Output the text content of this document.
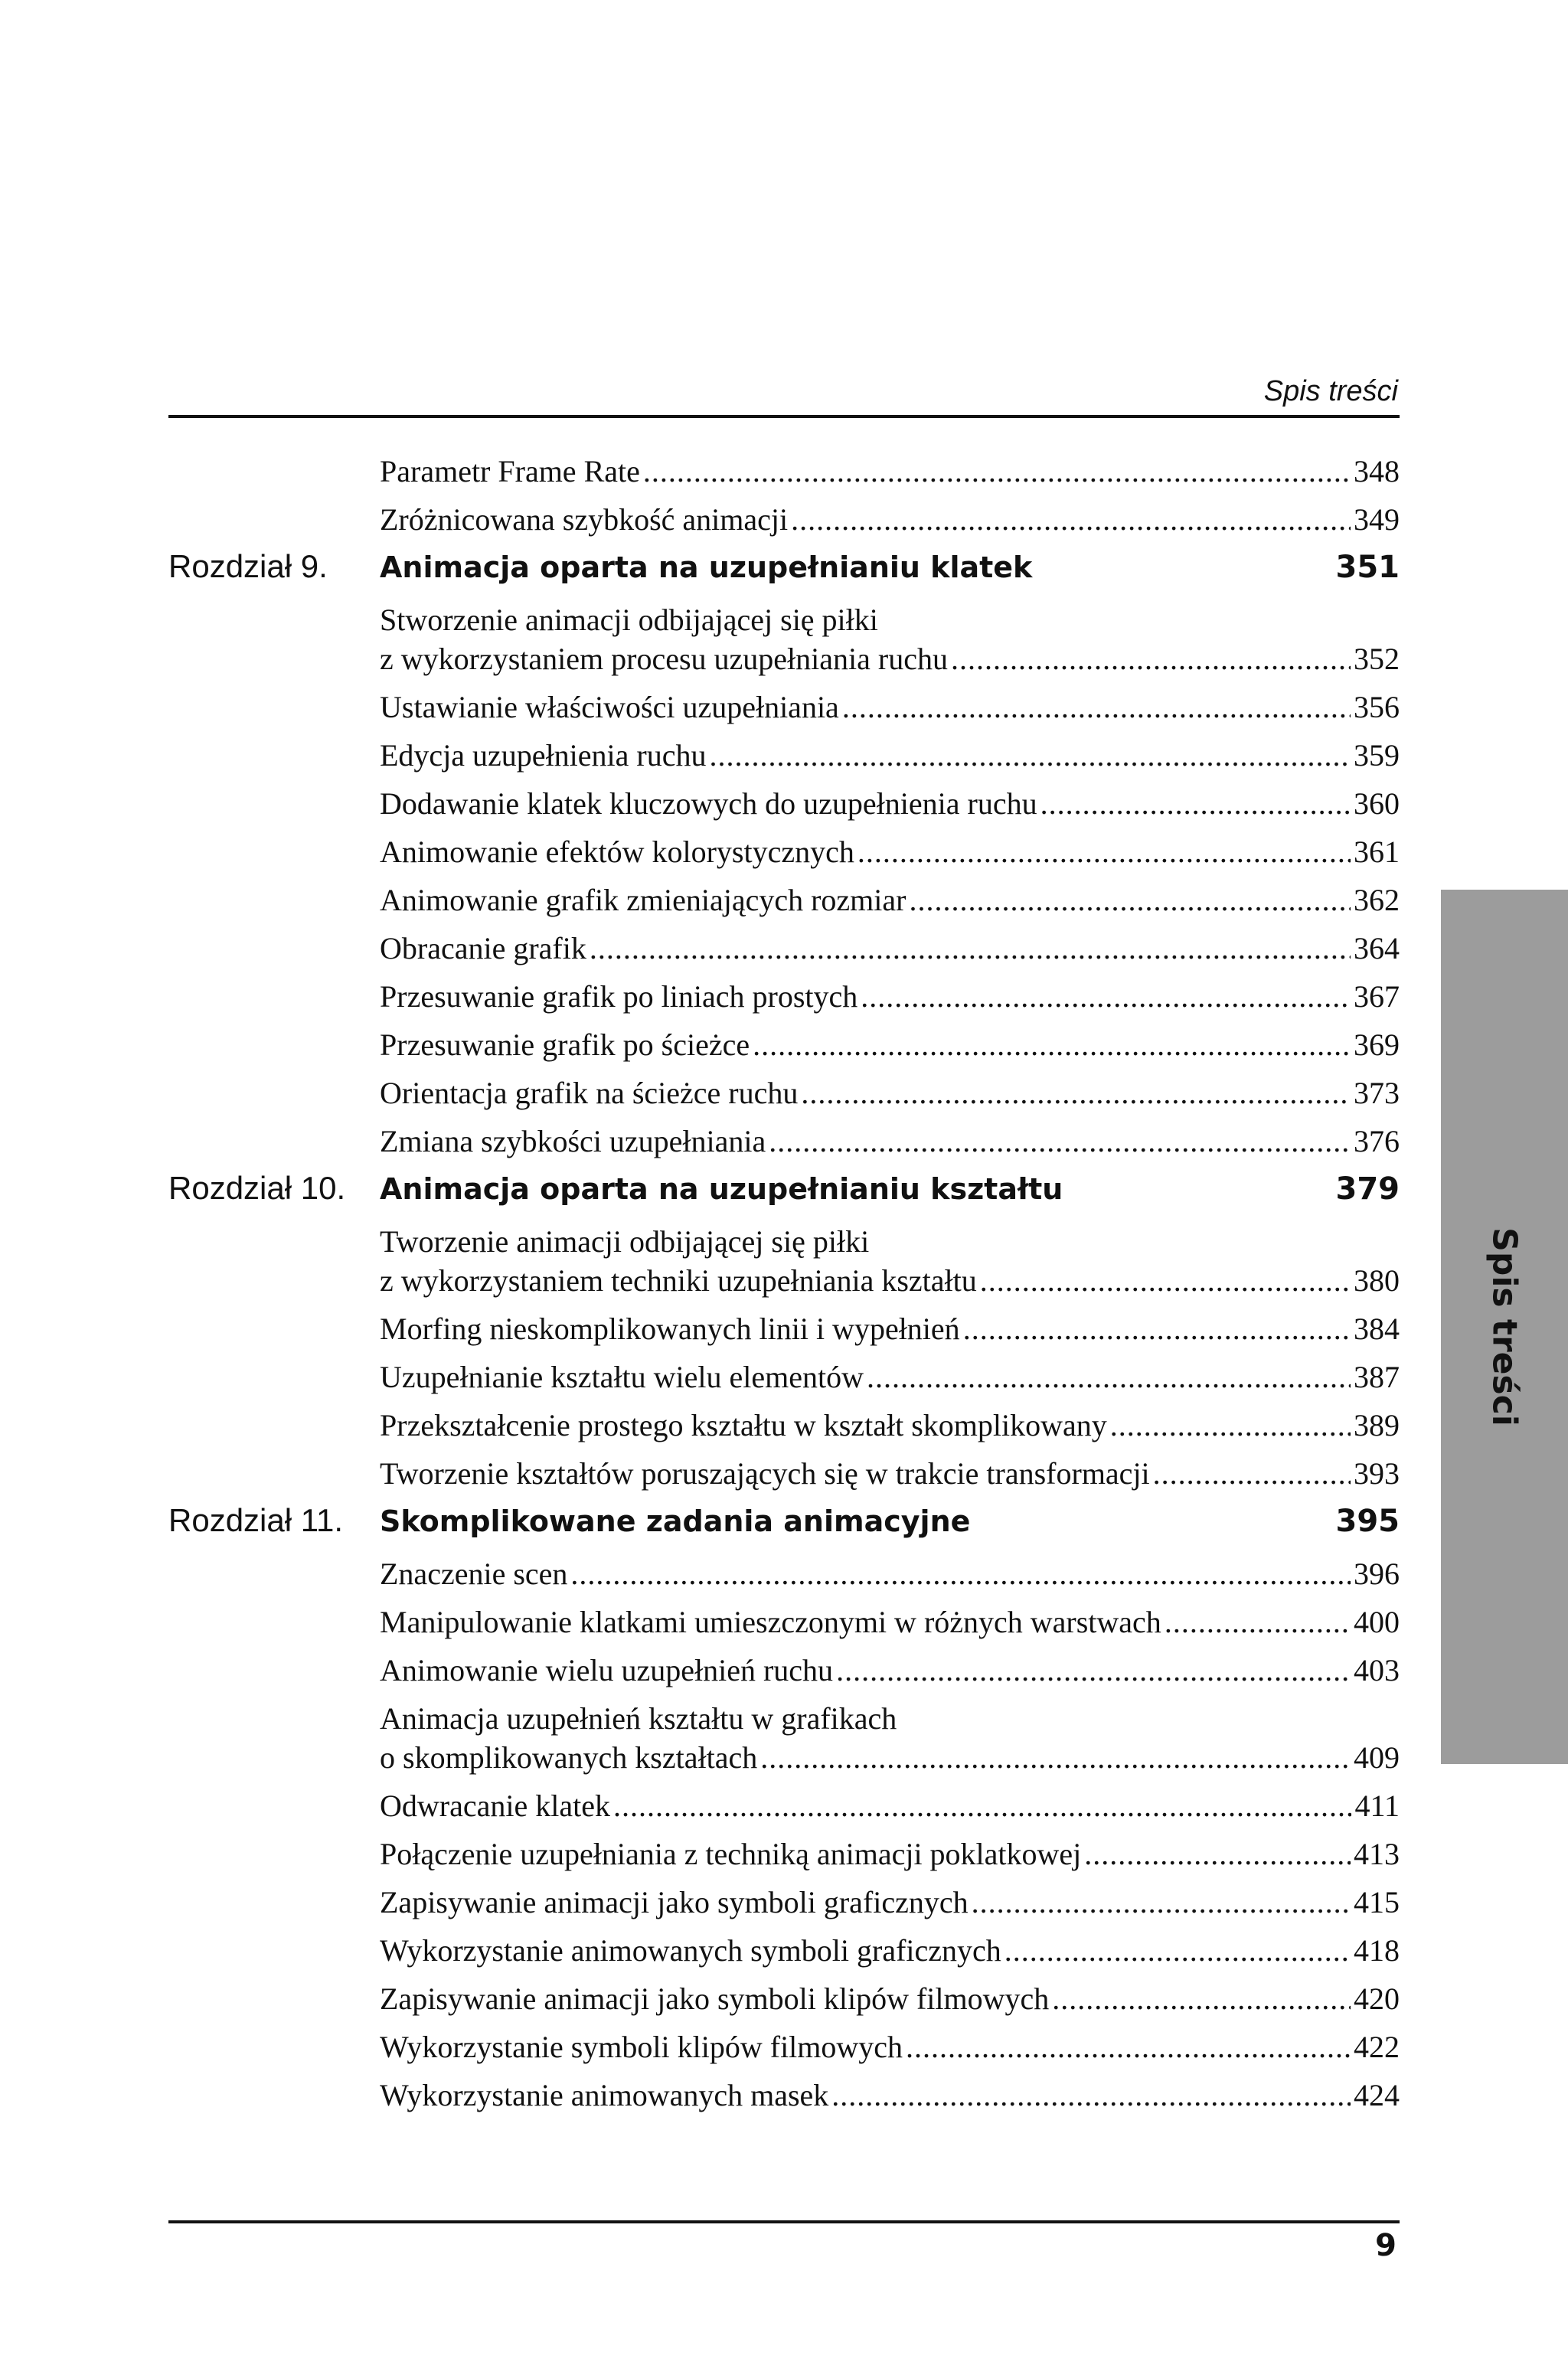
Spis treści
Parametr Frame Rate .....	348
Zróżnicowana szybkość animacji .....	349
Rozdział 9.	Animacja oparta na uzupełnianiu klatek	351
Stworzenie animacji odbijającej się piłki
z wykorzystaniem procesu uzupełniania ruchu .....	352
Ustawianie właściwości uzupełniania .....	356
Edycja uzupełnienia ruchu .....	359
Dodawanie klatek kluczowych do uzupełnienia ruchu .....	360
Animowanie efektów kolorystycznych .....	361
Animowanie grafik zmieniających rozmiar .....	362
Obracanie grafik .....	364
Przesuwanie grafik po liniach prostych .....	367
Przesuwanie grafik po ścieżce .....	369
Orientacja grafik na ścieżce ruchu .....	373
Zmiana szybkości uzupełniania .....	376
Rozdział 10.	Animacja oparta na uzupełnianiu kształtu	379
Tworzenie animacji odbijającej się piłki
z wykorzystaniem techniki uzupełniania kształtu .....	380
Morfing nieskomplikowanych linii i wypełnień .....	384
Uzupełnianie kształtu wielu elementów .....	387
Przekształcenie prostego kształtu w kształt skomplikowany .....	389
Tworzenie kształtów poruszających się w trakcie transformacji .....	393
Rozdział 11.	Skomplikowane zadania animacyjne	395
Znaczenie scen .....	396
Manipulowanie klatkami umieszczonymi w różnych warstwach .....	400
Animowanie wielu uzupełnień ruchu .....	403
Animacja uzupełnień kształtu w grafikach
o skomplikowanych kształtach .....	409
Odwracanie klatek .....	411
Połączenie uzupełniania z techniką animacji poklatkowej .....	413
Zapisywanie animacji jako symboli graficznych .....	415
Wykorzystanie animowanych symboli graficznych .....	418
Zapisywanie animacji jako symboli klipów filmowych .....	420
Wykorzystanie symboli klipów filmowych .....	422
Wykorzystanie animowanych masek .....	424
9
Spis treści
